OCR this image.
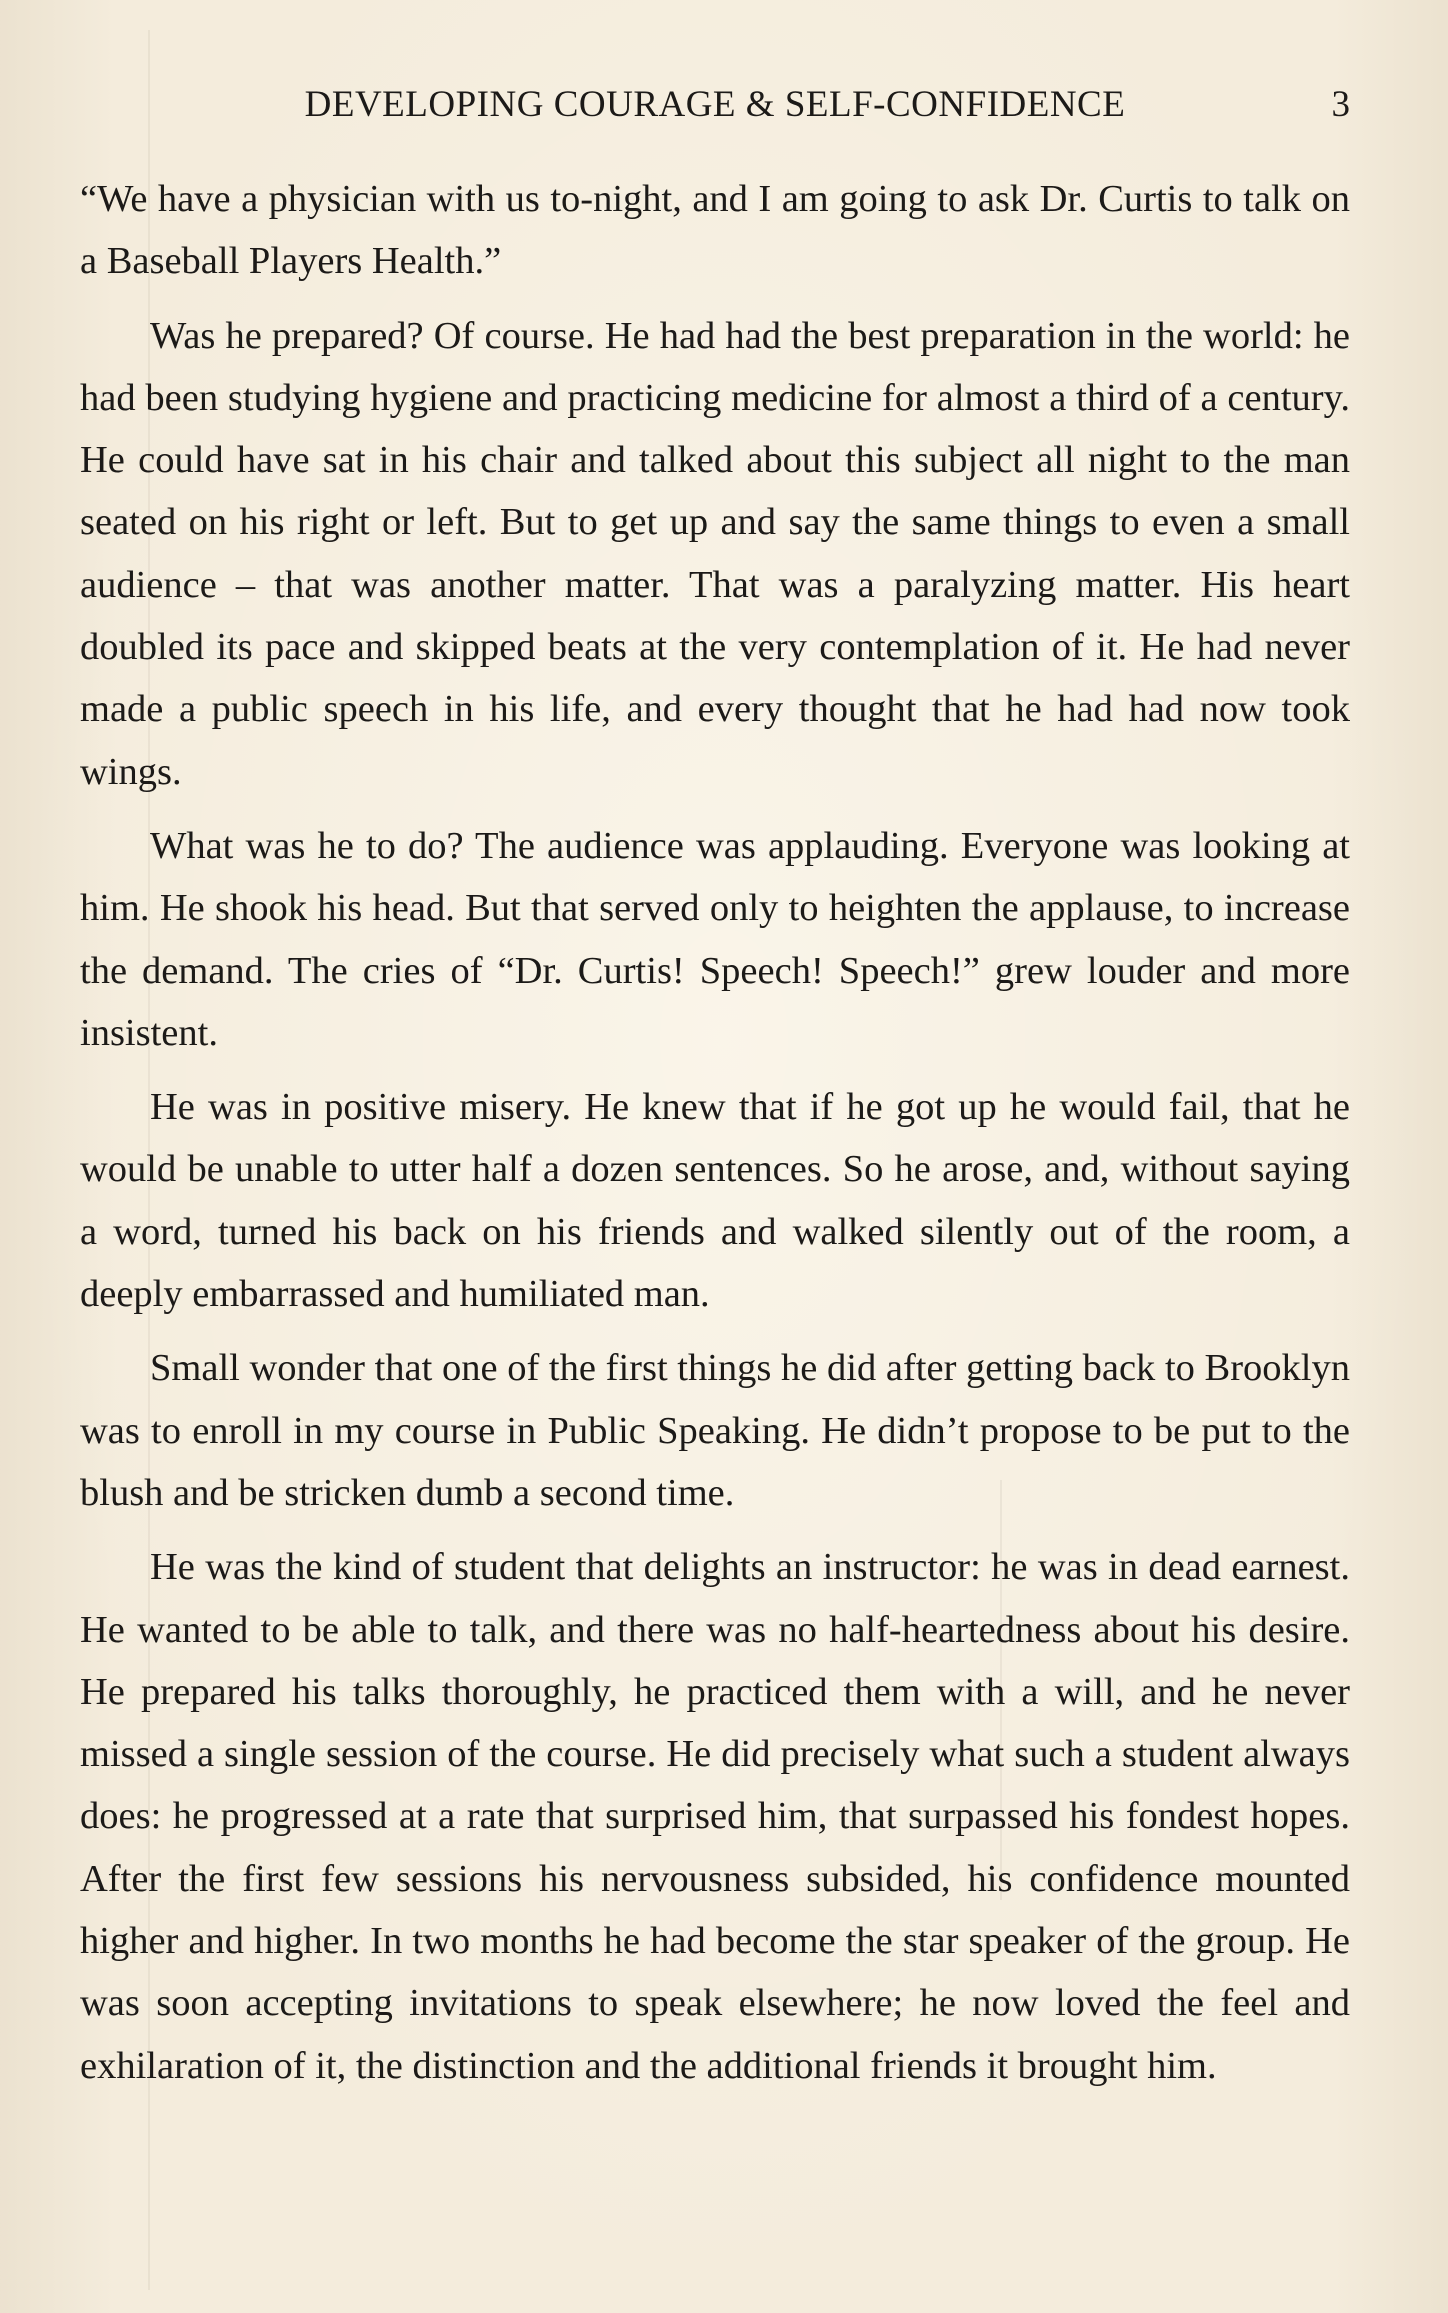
DEVELOPING COURAGE & SELF-CONFIDENCE	3

“We have a physician with us to-night, and I am going to ask Dr. Curtis to talk on a Baseball Players Health.”

Was he prepared? Of course. He had had the best preparation in the world: he had been studying hygiene and practicing medicine for almost a third of a century. He could have sat in his chair and talked about this subject all night to the man seated on his right or left. But to get up and say the same things to even a small audience – that was another matter. That was a paralyzing matter. His heart doubled its pace and skipped beats at the very contemplation of it. He had never made a public speech in his life, and every thought that he had had now took wings.

What was he to do? The audience was applauding. Everyone was looking at him. He shook his head. But that served only to heighten the applause, to increase the demand. The cries of “Dr. Curtis! Speech! Speech!” grew louder and more insistent.

He was in positive misery. He knew that if he got up he would fail, that he would be unable to utter half a dozen sentences. So he arose, and, without saying a word, turned his back on his friends and walked silently out of the room, a deeply embarrassed and humiliated man.

Small wonder that one of the first things he did after getting back to Brooklyn was to enroll in my course in Public Speaking. He didn’t propose to be put to the blush and be stricken dumb a second time.

He was the kind of student that delights an instructor: he was in dead earnest. He wanted to be able to talk, and there was no half-heartedness about his desire. He prepared his talks thoroughly, he practiced them with a will, and he never missed a single session of the course. He did precisely what such a student always does: he progressed at a rate that surprised him, that surpassed his fondest hopes. After the first few sessions his nervousness subsided, his confidence mounted higher and higher. In two months he had become the star speaker of the group. He was soon accepting invitations to speak elsewhere; he now loved the feel and exhilaration of it, the distinction and the additional friends it brought him.
